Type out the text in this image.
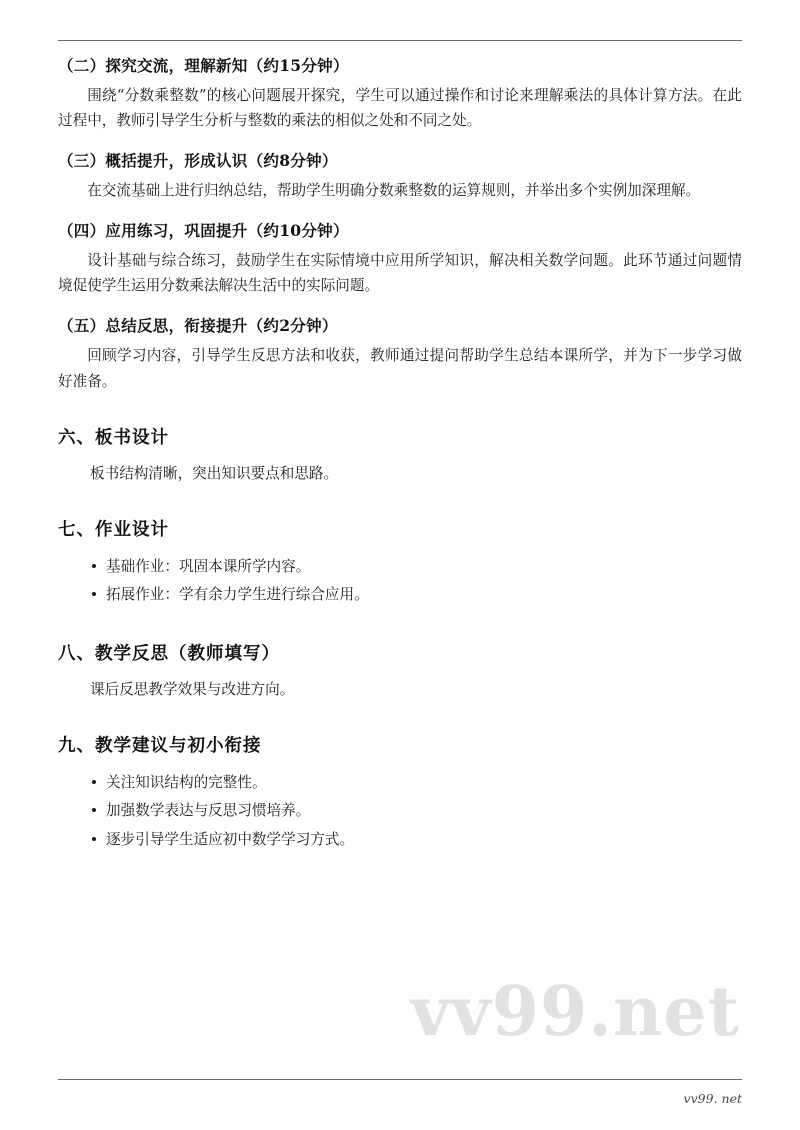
（二）探究交流，理解新知（约15分钟）

围绕“分数乘整数”的核心问题展开探究，学生可以通过操作和讨论来理解乘法的具体计算方法。在此过程中，教师引导学生分析与整数的乘法的相似之处和不同之处。

（三）概括提升，形成认识（约8分钟）

在交流基础上进行归纳总结，帮助学生明确分数乘整数的运算规则，并举出多个实例加深理解。

（四）应用练习，巩固提升（约10分钟）

设计基础与综合练习，鼓励学生在实际情境中应用所学知识，解决相关数学问题。此环节通过问题情境促使学生运用分数乘法解决生活中的实际问题。

（五）总结反思，衔接提升（约2分钟）

回顾学习内容，引导学生反思方法和收获，教师通过提问帮助学生总结本课所学，并为下一步学习做好准备。

六、板书设计

板书结构清晰，突出知识要点和思路。

七、作业设计
基础作业：巩固本课所学内容。
拓展作业：学有余力学生进行综合应用。
八、教学反思（教师填写）

课后反思教学效果与改进方向。

九、教学建议与初小衔接
关注知识结构的完整性。
加强数学表达与反思习惯培养。
逐步引导学生适应初中数学学习方式。
vv99.net
vv99. net
